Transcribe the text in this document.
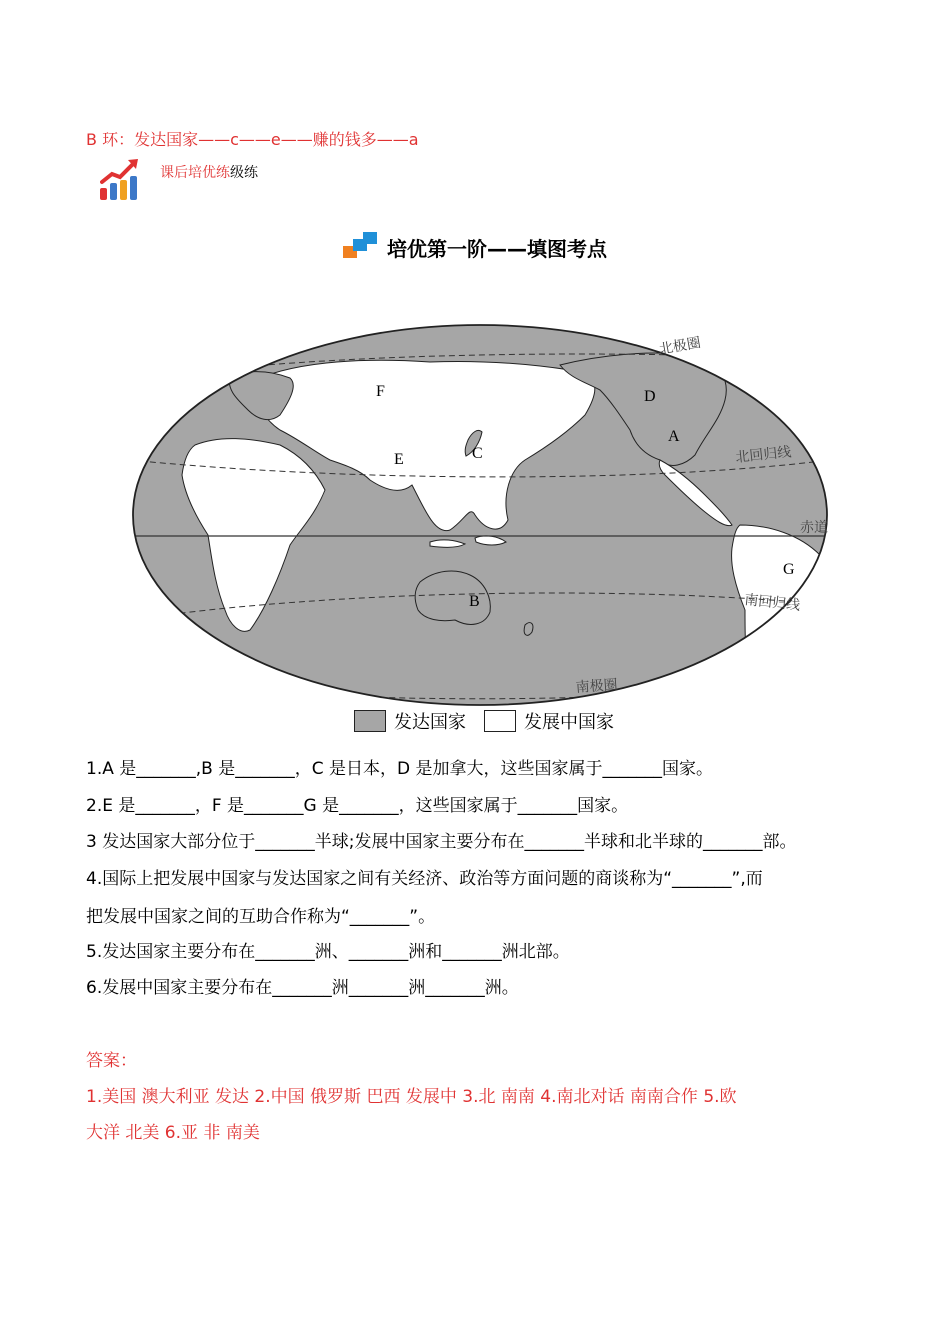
B 环：发达国家——c——e——赚的钱多——a
课后培优练级练
培优第一阶——填图考点
F	D
A
E	C
G
B
北极圈
北回归线
赤道
南回归线
南极圈
发达国家	发展中国家
1.A 是_______,B 是_______，C 是日本，D 是加拿大，这些国家属于_______国家。
2.E 是_______，F 是_______G 是_______，这些国家属于_______国家。
3 发达国家大部分位于_______半球;发展中国家主要分布在_______半球和北半球的_______部。
4.国际上把发展中国家与发达国家之间有关经济、政治等方面问题的商谈称为“_______”,而
把发展中国家之间的互助合作称为“_______”。
5.发达国家主要分布在_______洲、_______洲和_______洲北部。
6.发展中国家主要分布在_______洲_______洲_______洲。
答案：
1.美国 澳大利亚 发达 2.中国 俄罗斯 巴西 发展中 3.北 南南 4.南北对话 南南合作 5.欧
大洋 北美 6.亚 非 南美
